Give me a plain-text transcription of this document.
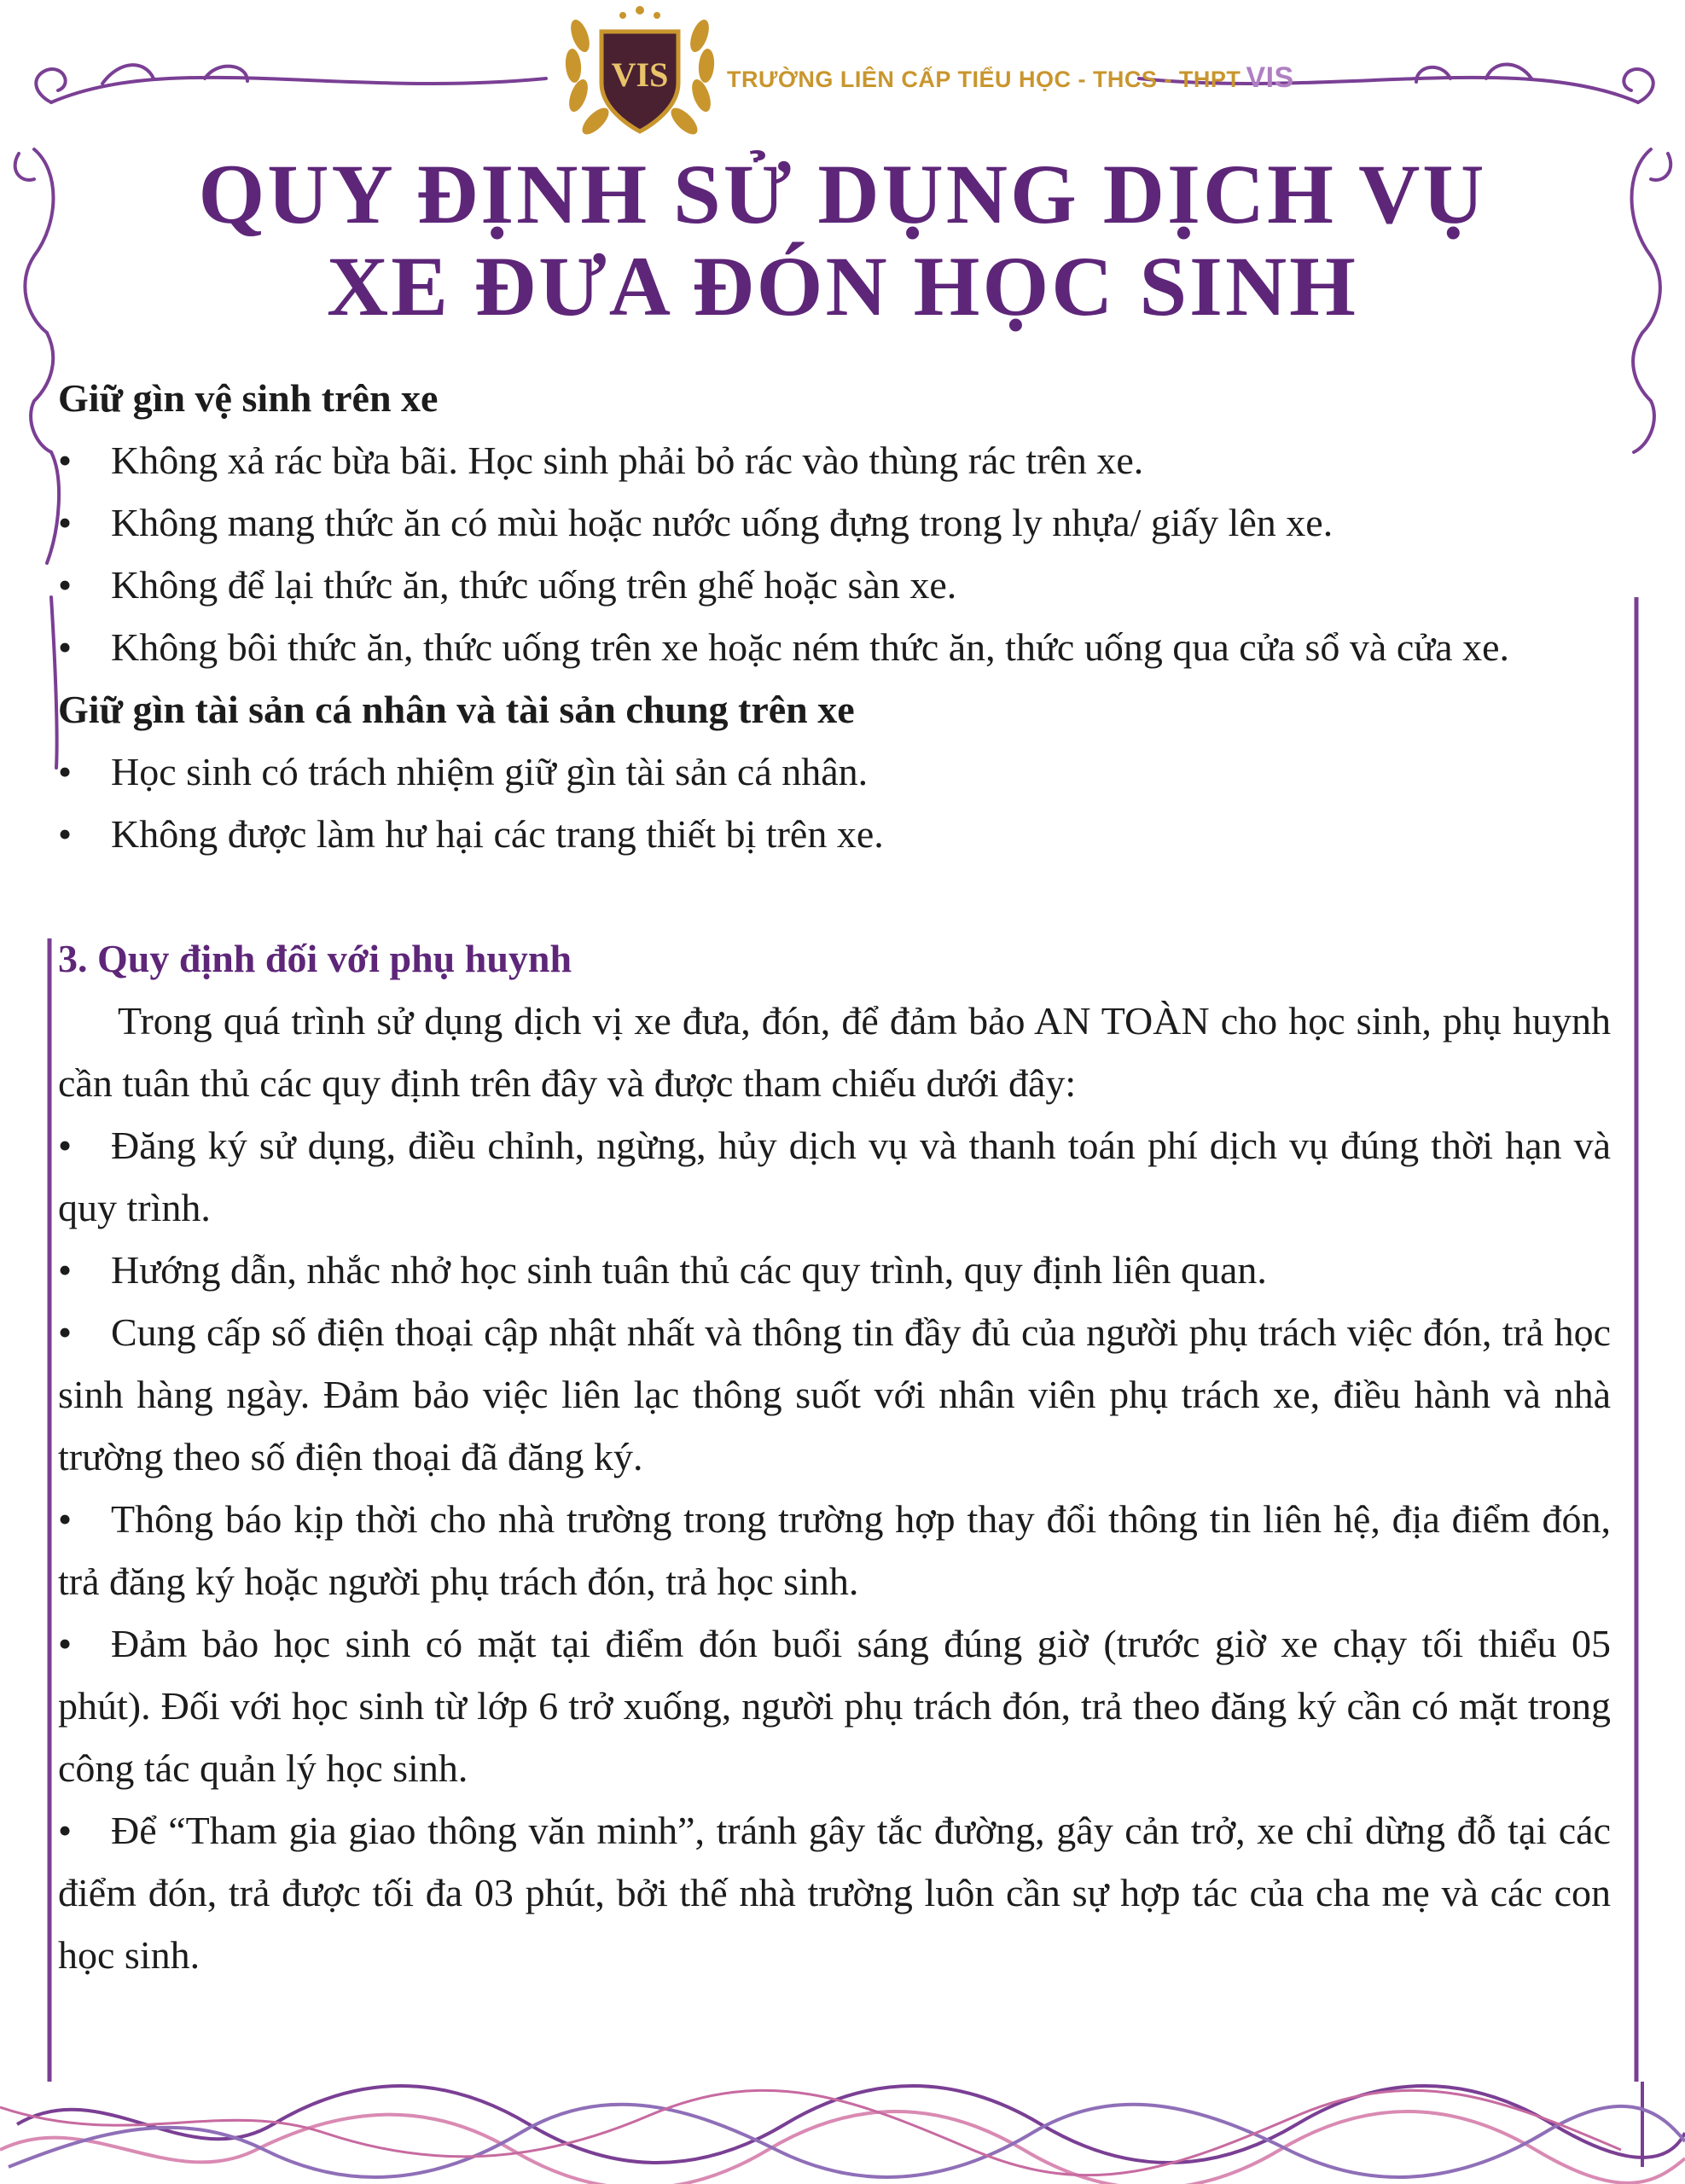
VIS	TRƯỜNG LIÊN CẤP TIỂU HỌC - THCS - THPT VIS
QUY ĐỊNH SỬ DỤNG DỊCH VỤ
XE ĐƯA ĐÓN HỌC SINH
Giữ gìn vệ sinh trên xe
• Không xả rác bừa bãi. Học sinh phải bỏ rác vào thùng rác trên xe.
• Không mang thức ăn có mùi hoặc nước uống đựng trong ly nhựa/ giấy lên xe.
• Không để lại thức ăn, thức uống trên ghế hoặc sàn xe.
• Không bôi thức ăn, thức uống trên xe hoặc ném thức ăn, thức uống qua cửa sổ và cửa xe.
Giữ gìn tài sản cá nhân và tài sản chung trên xe
• Học sinh có trách nhiệm giữ gìn tài sản cá nhân.
• Không được làm hư hại các trang thiết bị trên xe.
3. Quy định đối với phụ huynh
Trong quá trình sử dụng dịch vị xe đưa, đón, để đảm bảo AN TOÀN cho học sinh, phụ huynh cần tuân thủ các quy định trên đây và được tham chiếu dưới đây:
• Đăng ký sử dụng, điều chỉnh, ngừng, hủy dịch vụ và thanh toán phí dịch vụ đúng thời hạn và quy trình.
• Hướng dẫn, nhắc nhở học sinh tuân thủ các quy trình, quy định liên quan.
• Cung cấp số điện thoại cập nhật nhất và thông tin đầy đủ của người phụ trách việc đón, trả học sinh hàng ngày. Đảm bảo việc liên lạc thông suốt với nhân viên phụ trách xe, điều hành và nhà trường theo số điện thoại đã đăng ký.
• Thông báo kịp thời cho nhà trường trong trường hợp thay đổi thông tin liên hệ, địa điểm đón, trả đăng ký hoặc người phụ trách đón, trả học sinh.
• Đảm bảo học sinh có mặt tại điểm đón buổi sáng đúng giờ (trước giờ xe chạy tối thiểu 05 phút). Đối với học sinh từ lớp 6 trở xuống, người phụ trách đón, trả theo đăng ký cần có mặt trong công tác quản lý học sinh.
• Để “Tham gia giao thông văn minh”, tránh gây tắc đường, gây cản trở, xe chỉ dừng đỗ tại các điểm đón, trả được tối đa 03 phút, bởi thế nhà trường luôn cần sự hợp tác của cha mẹ và các con học sinh.
